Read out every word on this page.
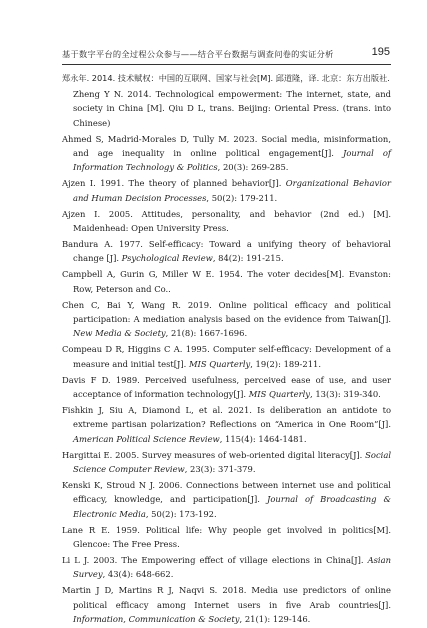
基于数字平台的全过程公众参与——结合平台数据与调查问卷的实证分析	195

郑永年. 2014. 技术赋权：中国的互联网、国家与社会[M]. 邱道隆，译. 北京：东方出版社.

Zheng Y N. 2014. Technological empowerment: The internet, state, and society in China [M]. Qiu D L, trans. Beijing: Oriental Press. (trans. into Chinese)

Ahmed S, Madrid-Morales D, Tully M. 2023. Social media, misinformation, and age inequality in online political engagement[J]. Journal of Information Technology & Politics, 20(3): 269-285.

Ajzen I. 1991. The theory of planned behavior[J]. Organizational Behavior and Human Decision Processes, 50(2): 179-211.

Ajzen I. 2005. Attitudes, personality, and behavior (2nd ed.) [M]. Maidenhead: Open University Press.

Bandura A. 1977. Self-efficacy: Toward a unifying theory of behavioral change [J]. Psychological Review, 84(2): 191-215.

Campbell A, Gurin G, Miller W E. 1954. The voter decides[M]. Evanston: Row, Peterson and Co..

Chen C, Bai Y, Wang R. 2019. Online political efficacy and political participation: A mediation analysis based on the evidence from Taiwan[J]. New Media & Society, 21(8): 1667-1696.

Compeau D R, Higgins C A. 1995. Computer self-efficacy: Development of a measure and initial test[J]. MIS Quarterly, 19(2): 189-211.

Davis F D. 1989. Perceived usefulness, perceived ease of use, and user acceptance of information technology[J]. MIS Quarterly, 13(3): 319-340.

Fishkin J, Siu A, Diamond L, et al. 2021. Is deliberation an antidote to extreme partisan polarization? Reflections on “America in One Room”[J]. American Political Science Review, 115(4): 1464-1481.

Hargittai E. 2005. Survey measures of web-oriented digital literacy[J]. Social Science Computer Review, 23(3): 371-379.

Kenski K, Stroud N J. 2006. Connections between internet use and political efficacy, knowledge, and participation[J]. Journal of Broadcasting & Electronic Media, 50(2): 173-192.

Lane R E. 1959. Political life: Why people get involved in politics[M]. Glencoe: The Free Press.

Li L J. 2003. The Empowering effect of village elections in China[J]. Asian Survey, 43(4): 648-662.

Martin J D, Martins R J, Naqvi S. 2018. Media use predictors of online political efficacy among Internet users in five Arab countries[J]. Information, Communication & Society, 21(1): 129-146.
